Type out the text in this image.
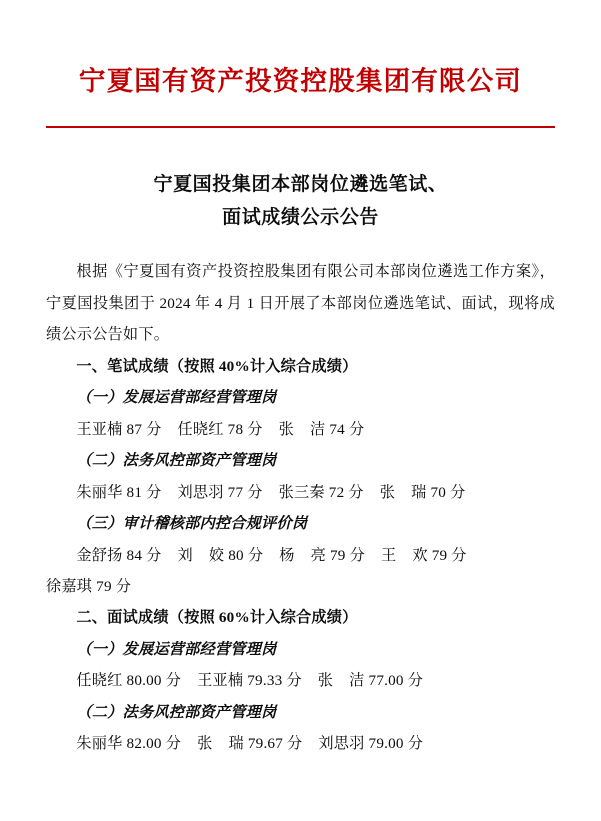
宁夏国有资产投资控股集团有限公司
宁夏国投集团本部岗位遴选笔试、
面试成绩公示公告

根据《宁夏国有资产投资控股集团有限公司本部岗位遴选工作方案》，宁夏国投集团于 2024 年 4 月 1 日开展了本部岗位遴选笔试、面试，现将成绩公示公告如下。

一、笔试成绩（按照 40%计入综合成绩）

（一）发展运营部经营管理岗

王亚楠 87 分    任晓红 78 分    张    洁 74 分

（二）法务风控部资产管理岗

朱丽华 81 分    刘思羽 77 分    张三秦 72 分    张    瑞 70 分

（三）审计稽核部内控合规评价岗

金舒扬 84 分    刘    姣 80 分    杨    亮 79 分    王    欢 79 分

徐嘉琪 79 分

二、面试成绩（按照 60%计入综合成绩）

（一）发展运营部经营管理岗

任晓红 80.00 分    王亚楠 79.33 分    张    洁 77.00 分

（二）法务风控部资产管理岗

朱丽华 82.00 分    张    瑞 79.67 分    刘思羽 79.00 分
